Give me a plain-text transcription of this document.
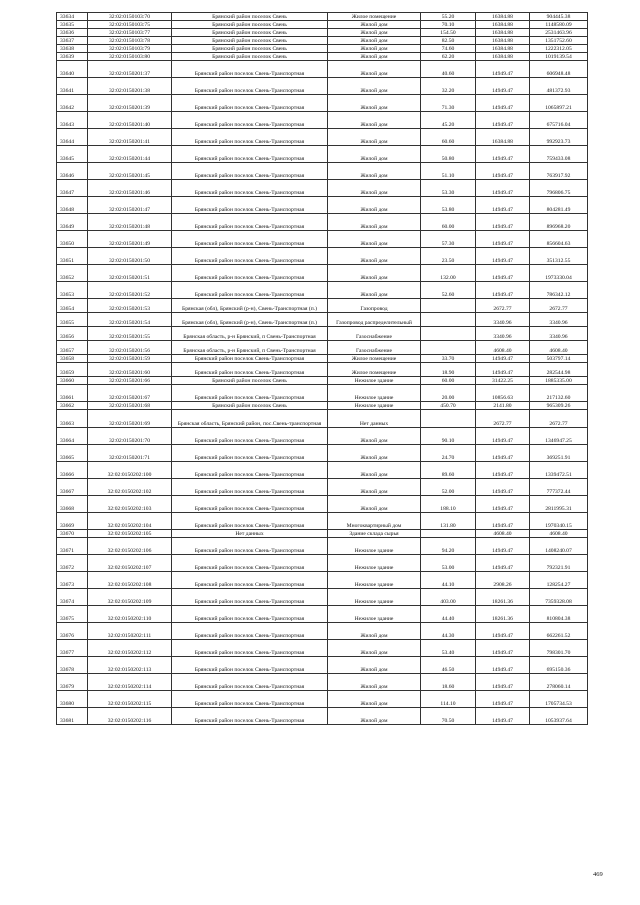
33634	32:02:0150103:70	Брянский район поселок Свень	Жилое помещение	55.20	16384.88	904445.38
33635	32:02:0150103:75	Брянский район поселок Свень	Жилой дом	70.10	16384.88	1148580.09
33636	32:02:0150103:77	Брянский район поселок Свень	Жилой дом	154.50	16384.88	2531463.96
33637	32:02:0150103:78	Брянский район поселок Свень	Жилой дом	82.50	16384.88	1351752.60
33638	32:02:0150103:79	Брянский район поселок Свень	Жилой дом	74.60	16384.88	1222312.05
33639	32:02:0150103:80	Брянский район поселок Свень	Жилой дом	62.20	16384.88	1019139.54
33640	32:02:0150201:37	Брянский район поселок Свень-Транспортная	Жилой дом	40.60	14949.47	606948.48
33641	32:02:0150201:38	Брянский район поселок Свень-Транспортная	Жилой дом	32.20	14949.47	481372.93
33642	32:02:0150201:39	Брянский район поселок Свень-Транспортная	Жилой дом	71.30	14949.47	1065897.21
33643	32:02:0150201:40	Брянский район поселок Свень-Транспортная	Жилой дом	45.20	14949.47	675716.04
33644	32:02:0150201:41	Брянский район поселок Свень-Транспортная	Жилой дом	60.60	16384.88	992923.73
33645	32:02:0150201:44	Брянский район поселок Свень-Транспортная	Жилой дом	50.80	14949.47	759433.08
33646	32:02:0150201:45	Брянский район поселок Свень-Транспортная	Жилой дом	51.10	14949.47	763917.92
33647	32:02:0150201:46	Брянский район поселок Свень-Транспортная	Жилой дом	53.30	14949.47	796806.75
33648	32:02:0150201:47	Брянский район поселок Свень-Транспортная	Жилой дом	53.80	14949.47	804281.49
33649	32:02:0150201:48	Брянский район поселок Свень-Транспортная	Жилой дом	60.00	14949.47	896968.20
33650	32:02:0150201:49	Брянский район поселок Свень-Транспортная	Жилой дом	57.30	14949.47	856604.63
33651	32:02:0150201:50	Брянский район поселок Свень-Транспортная	Жилой дом	23.50	14949.47	351312.55
33652	32:02:0150201:51	Брянский район поселок Свень-Транспортная	Жилой дом	132.00	14949.47	1973330.04
33653	32:02:0150201:52	Брянский район поселок Свень-Транспортная	Жилой дом	52.60	14949.47	786342.12
33654	32:02:0150201:53	Брянская (обл), Брянский (р-н), Свень-Транспортная (п.)	Газопровод		2672.77	2672.77
33655	32:02:0150201:54	Брянская (обл), Брянский (р-н), Свень-Транспортная (п.)	Газопровод распределительный		3340.96	3340.96
33656	32:02:0150201:55	Брянская область, р-н Брянский, п Свень-Транспортная	Газоснабжение		3340.96	3340.96
33657	32:02:0150201:56	Брянская область, р-н Брянский, п Свень-Транспортная	Газоснабжение		4608.40	4608.40
33658	32:02:0150201:59	Брянский район поселок Свень-Транспортная	Жилое помещение	33.70	14949.47	503797.14
33659	32:02:0150201:60	Брянский район поселок Свень-Транспортная	Жилое помещение	18.90	14949.47	282544.98
33660	32:02:0150201:66	Брянский район поселок Свень	Нежилое здание	60.00	31422.25	1885335.00
33661	32:02:0150201:67	Брянский район поселок Свень-Транспортная	Нежилое здание	20.00	10856.63	217132.60
33662	32:02:0150201:68	Брянский район поселок Свень	Нежилое здание	450.70	2141.80	965309.26
33663	32:02:0150201:69	Брянская область, Брянский район, пос.Свень-транспортная	Нет данных		2672.77	2672.77
33664	32:02:0150201:70	Брянский район поселок Свень-Транспортная	Жилой дом	90.10	14949.47	1346947.25
33665	32:02:0150201:71	Брянский район поселок Свень-Транспортная	Жилой дом	24.70	14949.47	369251.91
33666	32:02:0150202:100	Брянский район поселок Свень-Транспортная	Жилой дом	89.60	14949.47	1339472.51
33667	32:02:0150202:102	Брянский район поселок Свень-Транспортная	Жилой дом	52.00	14949.47	777372.44
33668	32:02:0150202:103	Брянский район поселок Свень-Транспортная	Жилой дом	188.10	14949.47	2811995.31
33669	32:02:0150202:104	Брянский район поселок Свень-Транспортная	Многоквартирный дом	131.80	14949.47	1970340.15
33670	32:02:0150202:105	Нет данных	Здание склада сырья		4608.40	4608.40
33671	32:02:0150202:106	Брянский район поселок Свень-Транспортная	Нежилое здание	94.20	14949.47	1408240.07
33672	32:02:0150202:107	Брянский район поселок Свень-Транспортная	Нежилое здание	53.00	14949.47	792321.91
33673	32:02:0150202:108	Брянский район поселок Свень-Транспортная	Нежилое здание	44.10	2908.26	128254.27
33674	32:02:0150202:109	Брянский район поселок Свень-Транспортная	Нежилое здание	403.00	18261.36	7359328.08
33675	32:02:0150202:110	Брянский район поселок Свень-Транспортная	Нежилое здание	44.40	18261.36	810804.38
33676	32:02:0150202:111	Брянский район поселок Свень-Транспортная	Жилой дом	44.30	14949.47	662261.52
33677	32:02:0150202:112	Брянский район поселок Свень-Транспортная	Жилой дом	53.40	14949.47	798301.70
33678	32:02:0150202:113	Брянский район поселок Свень-Транспортная	Жилой дом	46.50	14949.47	695150.36
33679	32:02:0150202:114	Брянский район поселок Свень-Транспортная	Жилой дом	18.60	14949.47	278060.14
33680	32:02:0150202:115	Брянский район поселок Свень-Транспортная	Жилой дом	114.10	14949.47	1705734.53
33681	32:02:0150202:116	Брянский район поселок Свень-Транспортная	Жилой дом	70.50	14949.47	1053937.64
469
